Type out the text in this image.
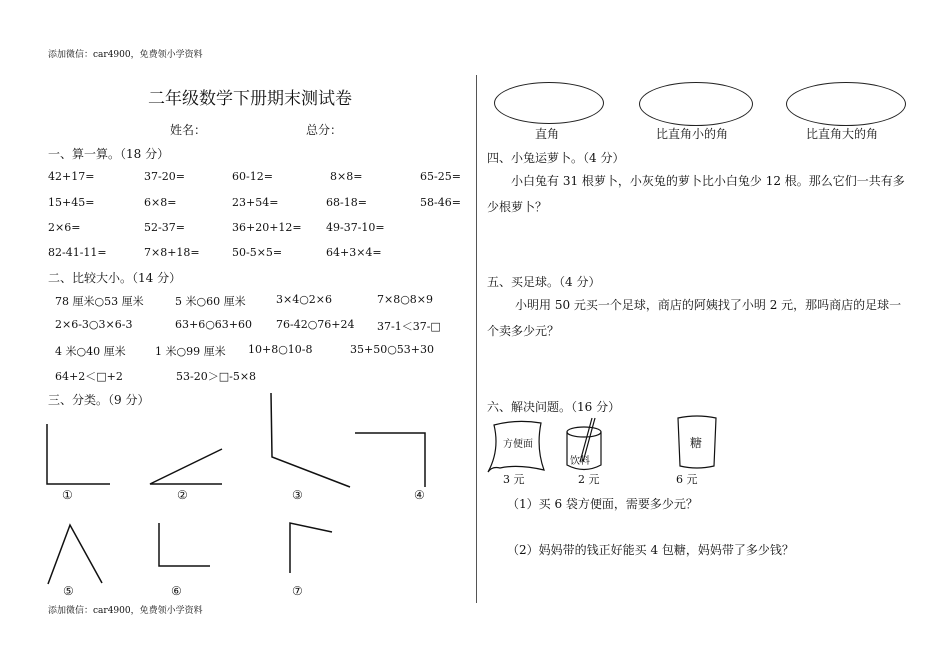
添加微信：car4900，免费领小学资料
添加微信：car4900，免费领小学资料
二年级数学下册期末测试卷
姓名：	总分：
一、算一算。（18 分）
42+17=	37-20=	60-12=	8×8=	65-25=
15+45=	6×8=	23+54=	68-18=	58-46=
2×6=	52-37=	36+20+12= 49-37-10=
82-41-11=	7×8+18=	50-5×5=	64+3×4=
二、比较大小。（14 分）
78 厘米○53 厘米	5 米○60 厘米	3×4○2×6	7×8○8×9
2×6-3○3×6-3	63+6○63+60 76-42○76+24 37-1＜37-□
4 米○40 厘米	1 米○99 厘米 10+8○10-8	35+50○53+30
64+2＜□+2	53-20＞□-5×8
三、分类。（9 分）
①	②	③	④
⑤	⑥	⑦
直角	比直角小的角	比直角大的角
四、小兔运萝卜。（4 分）
小白兔有 31 根萝卜，小灰兔的萝卜比小白兔少 12 根。那么它们一共有多少根萝卜？
五、买足球。（4 分）
小明用 50 元买一个足球，商店的阿姨找了小明 2 元，那吗商店的足球一个卖多少元？
六、解决问题。（16 分）
方便面
饮料
糖
3 元	2 元	6 元
（1）买 6 袋方便面，需要多少元？
（2）妈妈带的钱正好能买 4 包糖，妈妈带了多少钱？
